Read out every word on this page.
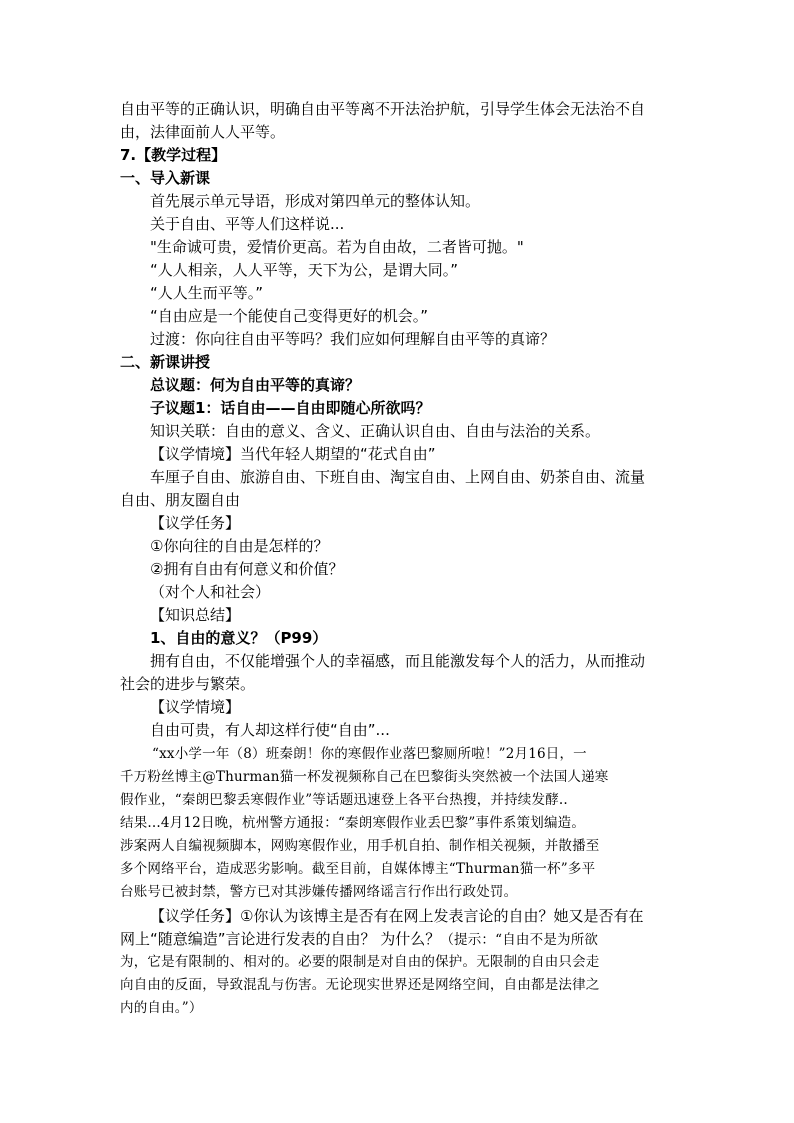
自由平等的正确认识，明确自由平等离不开法治护航，引导学生体会无法治不自
由，法律面前人人平等。
7.【教学过程】
一、导入新课
首先展示单元导语，形成对第四单元的整体认知。
关于自由、平等人们这样说...
"生命诚可贵，爱情价更高。若为自由故，二者皆可抛。"
“人人相亲，人人平等，天下为公，是谓大同。”
“人人生而平等。”
“自由应是一个能使自己变得更好的机会。”
过渡：你向往自由平等吗？我们应如何理解自由平等的真谛？
二、新课讲授
总议题：何为自由平等的真谛？
子议题1：话自由——自由即随心所欲吗？
知识关联：自由的意义、含义、正确认识自由、自由与法治的关系。
【议学情境】当代年轻人期望的“花式自由”
车厘子自由、旅游自由、下班自由、淘宝自由、上网自由、奶茶自由、流量
自由、朋友圈自由
【议学任务】
①你向往的自由是怎样的？
②拥有自由有何意义和价值？
（对个人和社会）
【知识总结】
1、自由的意义？（P99）
拥有自由，不仅能增强个人的幸福感，而且能激发每个人的活力，从而推动
社会的进步与繁荣。
【议学情境】
自由可贵，有人却这样行使“自由”...
“xx小学一年（8）班秦朗！你的寒假作业落巴黎厕所啦！”2月16日，一
千万粉丝博主@Thurman猫一杯发视频称自己在巴黎街头突然被一个法国人递寒
假作业，“秦朗巴黎丢寒假作业”等话题迅速登上各平台热搜，并持续发酵..
结果...4月12日晚，杭州警方通报：“秦朗寒假作业丢巴黎”事件系策划编造。
涉案两人自编视频脚本，网购寒假作业，用手机自拍、制作相关视频，并散播至
多个网络平台，造成恶劣影响。截至目前，自媒体博主“Thurman猫一杯”多平
台账号已被封禁，警方已对其涉嫌传播网络谣言行作出行政处罚。
【议学任务】①你认为该博主是否有在网上发表言论的自由？她又是否有在
网上“随意编造”言论进行发表的自由？ 为什么？（提示：“自由不是为所欲
为，它是有限制的、相对的。必要的限制是对自由的保护。无限制的自由只会走
向自由的反面，导致混乱与伤害。无论现实世界还是网络空间，自由都是法律之
内的自由。”）
